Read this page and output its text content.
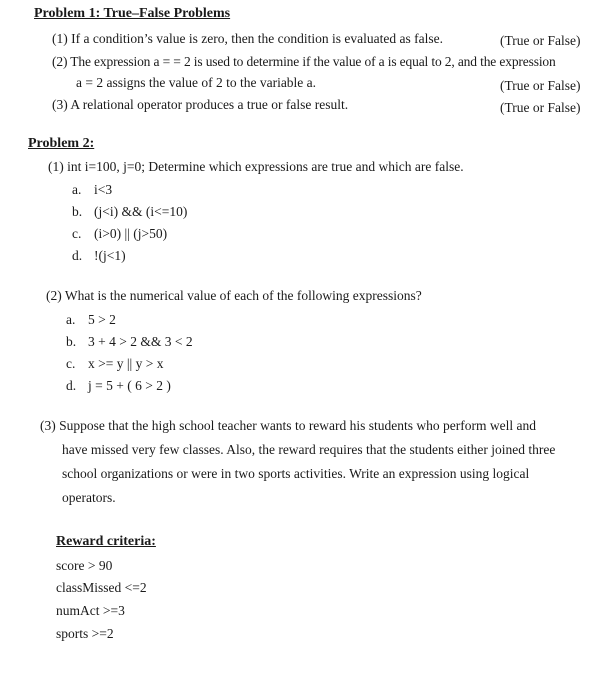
Problem 1: True–False Problems
(1) If a condition’s value is zero, then the condition is evaluated as false.	(True or False)
(2) The expression a = = 2 is used to determine if the value of a is equal to 2, and the expression
a = 2 assigns the value of 2 to the variable a.	(True or False)
(3) A relational operator produces a true or false result.	(True or False)
Problem 2:
(1) int i=100, j=0; Determine which expressions are true and which are false.
a. i<3
b. (j<i) && (i<=10)
c. (i>0) || (j>50)
d. !(j<1)
(2) What is the numerical value of each of the following expressions?
a. 5 > 2
b. 3 + 4 > 2 && 3 < 2
c. x >= y || y > x
d. j = 5 + ( 6 > 2 )
(3) Suppose that the high school teacher wants to reward his students who perform well and
have missed very few classes. Also, the reward requires that the students either joined three
school organizations or were in two sports activities. Write an expression using logical
operators.
Reward criteria:
score > 90
classMissed <=2
numAct >=3
sports >=2
